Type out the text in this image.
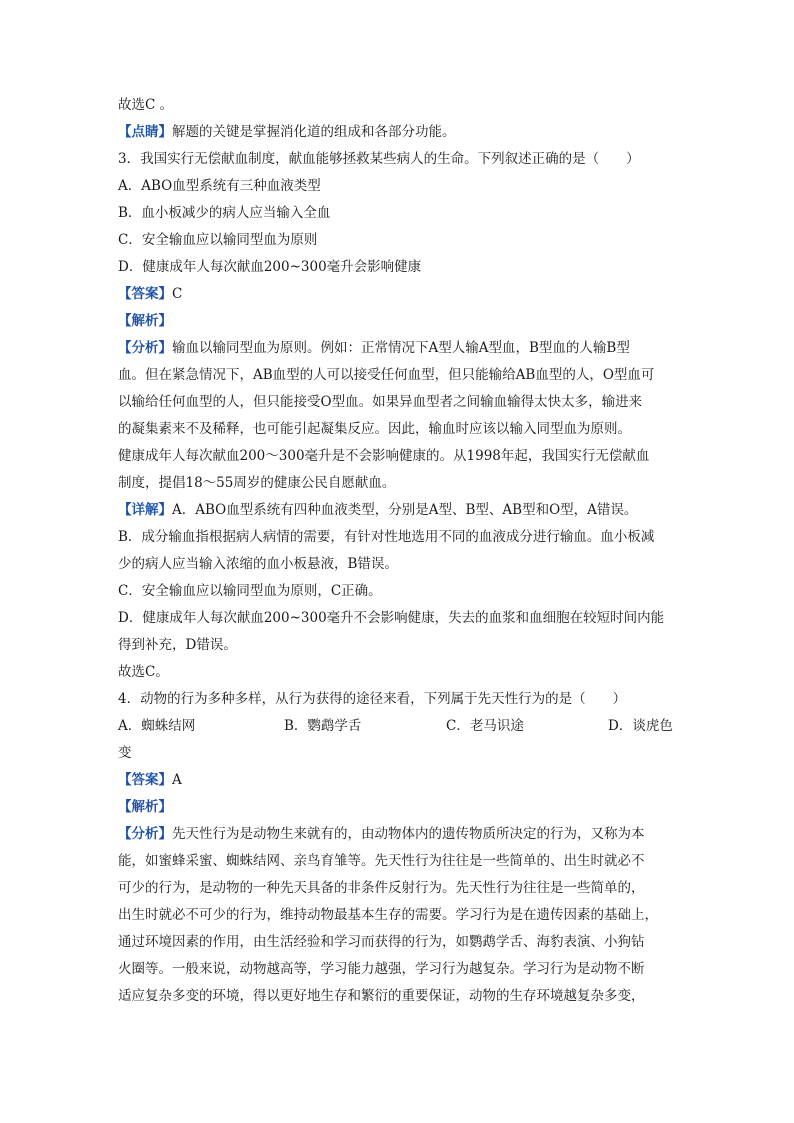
故选C 。
【点睛】解题的关键是掌握消化道的组成和各部分功能。
3．我国实行无偿献血制度，献血能够拯救某些病人的生命。下列叙述正确的是（　　）
A．ABO血型系统有三种血液类型
B．血小板减少的病人应当输入全血
C．安全输血应以输同型血为原则
D．健康成年人每次献血200~300毫升会影响健康
【答案】C
【解析】
【分析】输血以输同型血为原则。例如：正常情况下A型人输A型血，B型血的人输B型
血。但在紧急情况下，AB血型的人可以接受任何血型，但只能输给AB血型的人，O型血可
以输给任何血型的人，但只能接受O型血。如果异血型者之间输血输得太快太多，输进来
的凝集素来不及稀释，也可能引起凝集反应。因此，输血时应该以输入同型血为原则。
健康成年人每次献血200～300毫升是不会影响健康的。从1998年起，我国实行无偿献血
制度，提倡18～55周岁的健康公民自愿献血。
【详解】A．ABO血型系统有四种血液类型，分别是A型、B型、AB型和O型，A错误。
B．成分输血指根据病人病情的需要，有针对性地选用不同的血液成分进行输血。血小板减
少的病人应当输入浓缩的血小板悬液，B错误。
C．安全输血应以输同型血为原则，C正确。
D．健康成年人每次献血200~300毫升不会影响健康，失去的血浆和血细胞在较短时间内能
得到补充，D错误。
故选C。
4．动物的行为多种多样，从行为获得的途径来看，下列属于先天性行为的是（　　）
A．蜘蛛结网	B．鹦鹉学舌	C．老马识途	D．谈虎色
变
【答案】A
【解析】
【分析】先天性行为是动物生来就有的，由动物体内的遗传物质所决定的行为，又称为本
能，如蜜蜂采蜜、蜘蛛结网、亲鸟育雏等。先天性行为往往是一些简单的、出生时就必不
可少的行为，是动物的一种先天具备的非条件反射行为。先天性行为往往是一些简单的，
出生时就必不可少的行为，维持动物最基本生存的需要。学习行为是在遗传因素的基础上，
通过环境因素的作用，由生活经验和学习而获得的行为，如鹦鹉学舌、海豹表演、小狗钻
火圈等。一般来说，动物越高等，学习能力越强，学习行为越复杂。学习行为是动物不断
适应复杂多变的环境，得以更好地生存和繁衍的重要保证，动物的生存环境越复杂多变，
